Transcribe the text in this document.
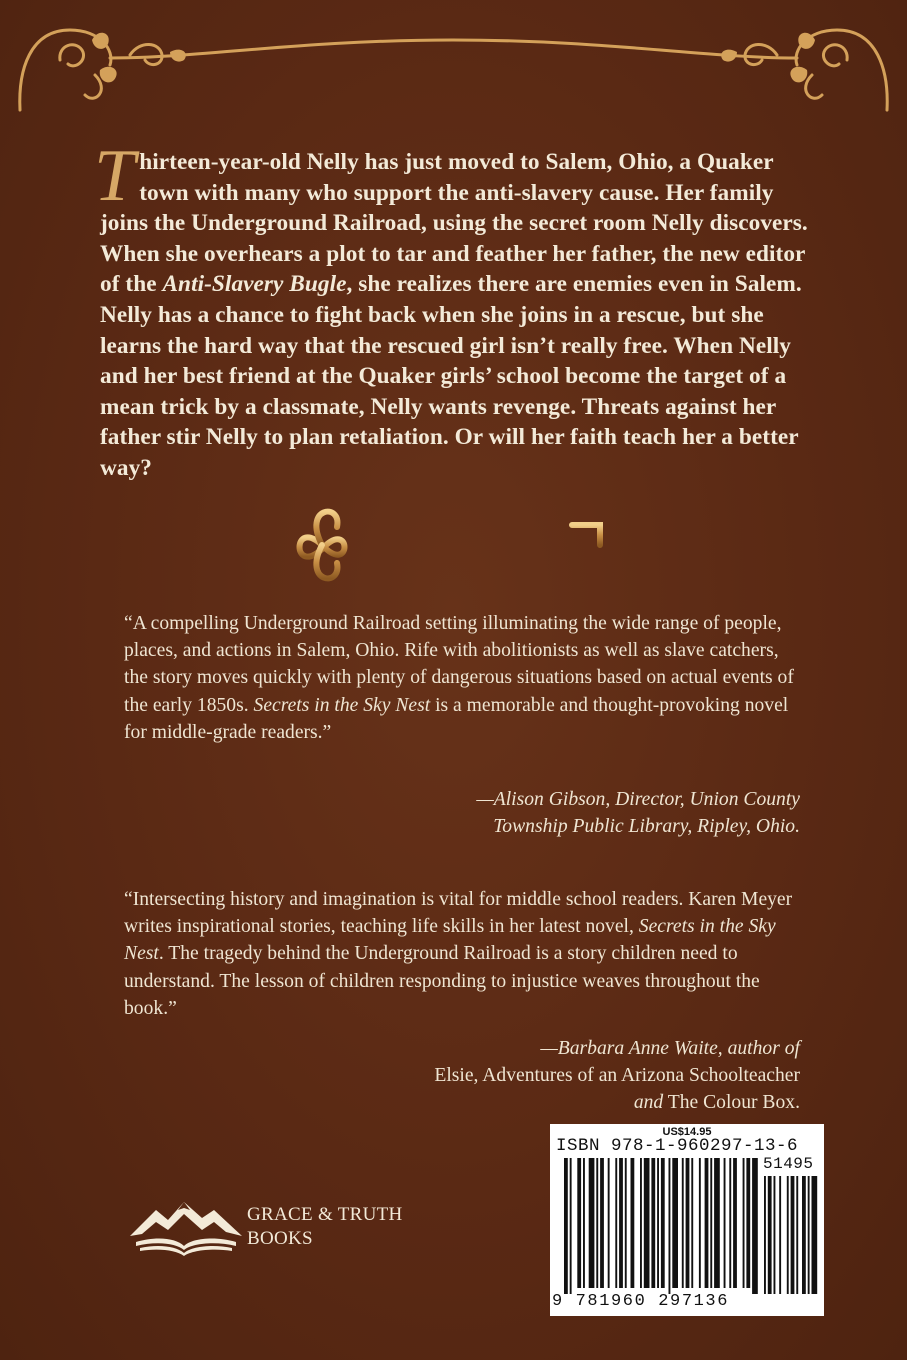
Thirteen-year-old Nelly has just moved to Salem, Ohio, a Quaker town with many who support the anti-slavery cause. Her family joins the Underground Railroad, using the secret room Nelly discovers. When she overhears a plot to tar and feather her father, the new editor of the Anti-Slavery Bugle, she realizes there are enemies even in Salem. Nelly has a chance to fight back when she joins in a rescue, but she learns the hard way that the rescued girl isn’t really free. When Nelly and her best friend at the Quaker girls’ school become the target of a mean trick by a classmate, Nelly wants revenge. Threats against her father stir Nelly to plan retaliation. Or will her faith teach her a better way?
“A compelling Underground Railroad setting illuminating the wide range of people, places, and actions in Salem, Ohio. Rife with abolitionists as well as slave catchers, the story moves quickly with plenty of dangerous situations based on actual events of the early 1850s. Secrets in the Sky Nest is a memorable and thought-provoking novel for middle-grade readers.”
—Alison Gibson, Director, Union County
Township Public Library, Ripley, Ohio.
“Intersecting history and imagination is vital for middle school readers. Karen Meyer writes inspirational stories, teaching life skills in her latest novel, Secrets in the Sky Nest. The tragedy behind the Underground Railroad is a story children need to understand. The lesson of children responding to injustice weaves throughout the book.”
—Barbara Anne Waite, author of
Elsie, Adventures of an Arizona Schoolteacher
and The Colour Box.
US$14.95
ISBN 978-1-960297-13-6
51495
9 781960 297136
GRACE & TRUTH
BOOKS
